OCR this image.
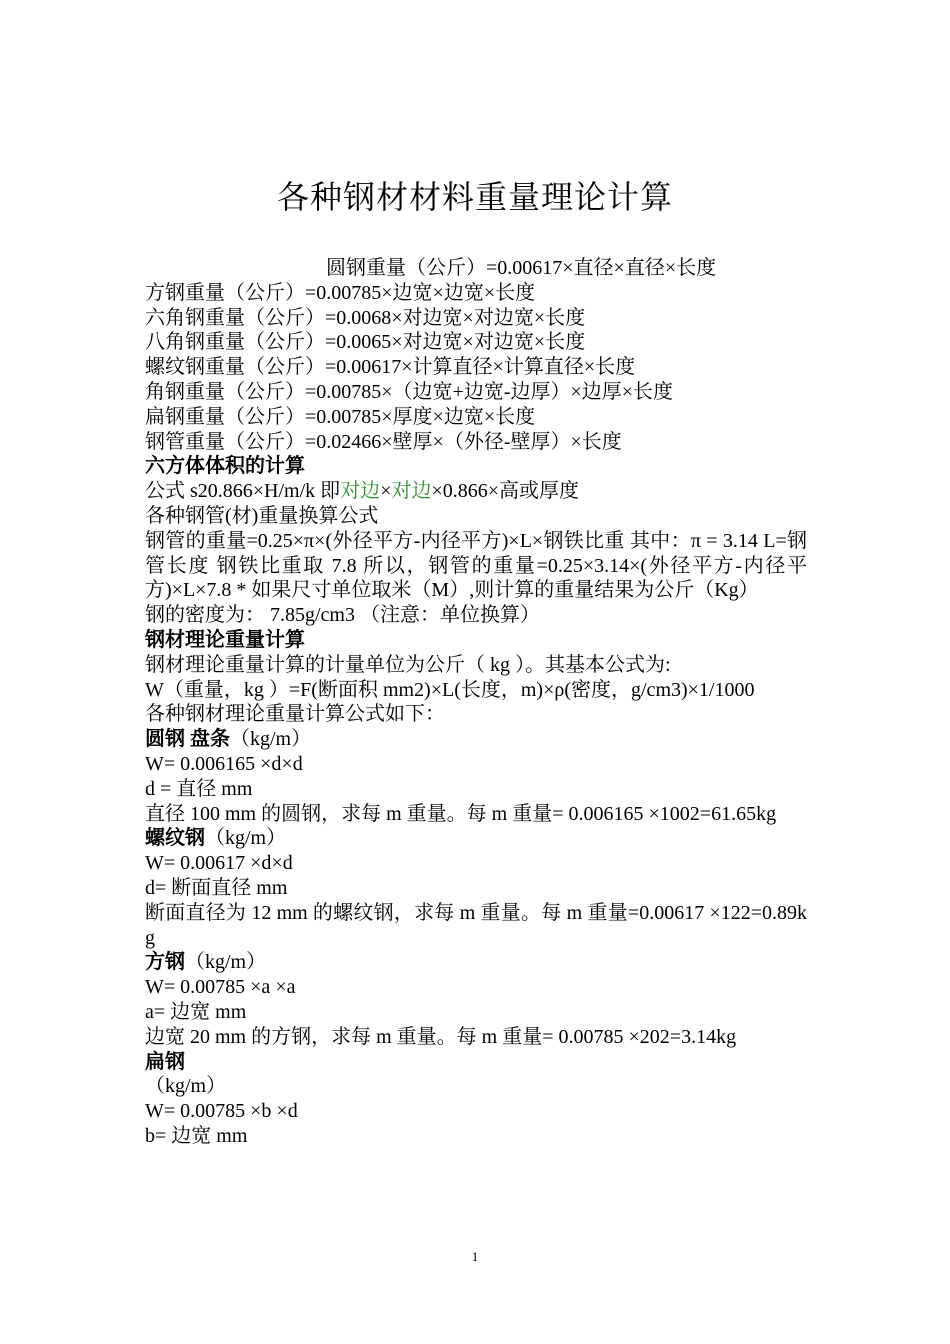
各种钢材材料重量理论计算
圆钢重量（公斤）=0.00617×直径×直径×长度
方钢重量（公斤）=0.00785×边宽×边宽×长度
六角钢重量（公斤）=0.0068×对边宽×对边宽×长度
八角钢重量（公斤）=0.0065×对边宽×对边宽×长度
螺纹钢重量（公斤）=0.00617×计算直径×计算直径×长度
角钢重量（公斤）=0.00785×（边宽+边宽-边厚）×边厚×长度
扁钢重量（公斤）=0.00785×厚度×边宽×长度
钢管重量（公斤）=0.02466×壁厚×（外径-壁厚）×长度
六方体体积的计算
公式 s20.866×H/m/k 即对边×对边×0.866×高或厚度
各种钢管(材)重量换算公式
钢管的重量=0.25×π×(外径平方-内径平方)×L×钢铁比重 其中：π = 3.14 L=钢管长度 钢铁比重取 7.8 所以，钢管的重量=0.25×3.14×(外径平方-内径平方)×L×7.8 * 如果尺寸单位取米（M）,则计算的重量结果为公斤（Kg）
钢的密度为： 7.85g/cm3 （注意：单位换算）
钢材理论重量计算
钢材理论重量计算的计量单位为公斤（ kg ）。其基本公式为:
W（重量，kg ）=F(断面积 mm2)×L(长度，m)×ρ(密度，g/cm3)×1/1000
各种钢材理论重量计算公式如下：
圆钢 盘条（kg/m）
W= 0.006165 ×d×d
d = 直径 mm
直径 100 mm 的圆钢，求每 m 重量。每 m 重量= 0.006165 ×1002=61.65kg
螺纹钢（kg/m）
W= 0.00617 ×d×d
d= 断面直径 mm
断面直径为 12 mm 的螺纹钢，求每 m 重量。每 m 重量=0.00617 ×122=0.89kg
方钢（kg/m）
W= 0.00785 ×a ×a
a= 边宽 mm
边宽 20 mm 的方钢，求每 m 重量。每 m 重量= 0.00785 ×202=3.14kg
扁钢
（kg/m）
W= 0.00785 ×b ×d
b= 边宽 mm
1
